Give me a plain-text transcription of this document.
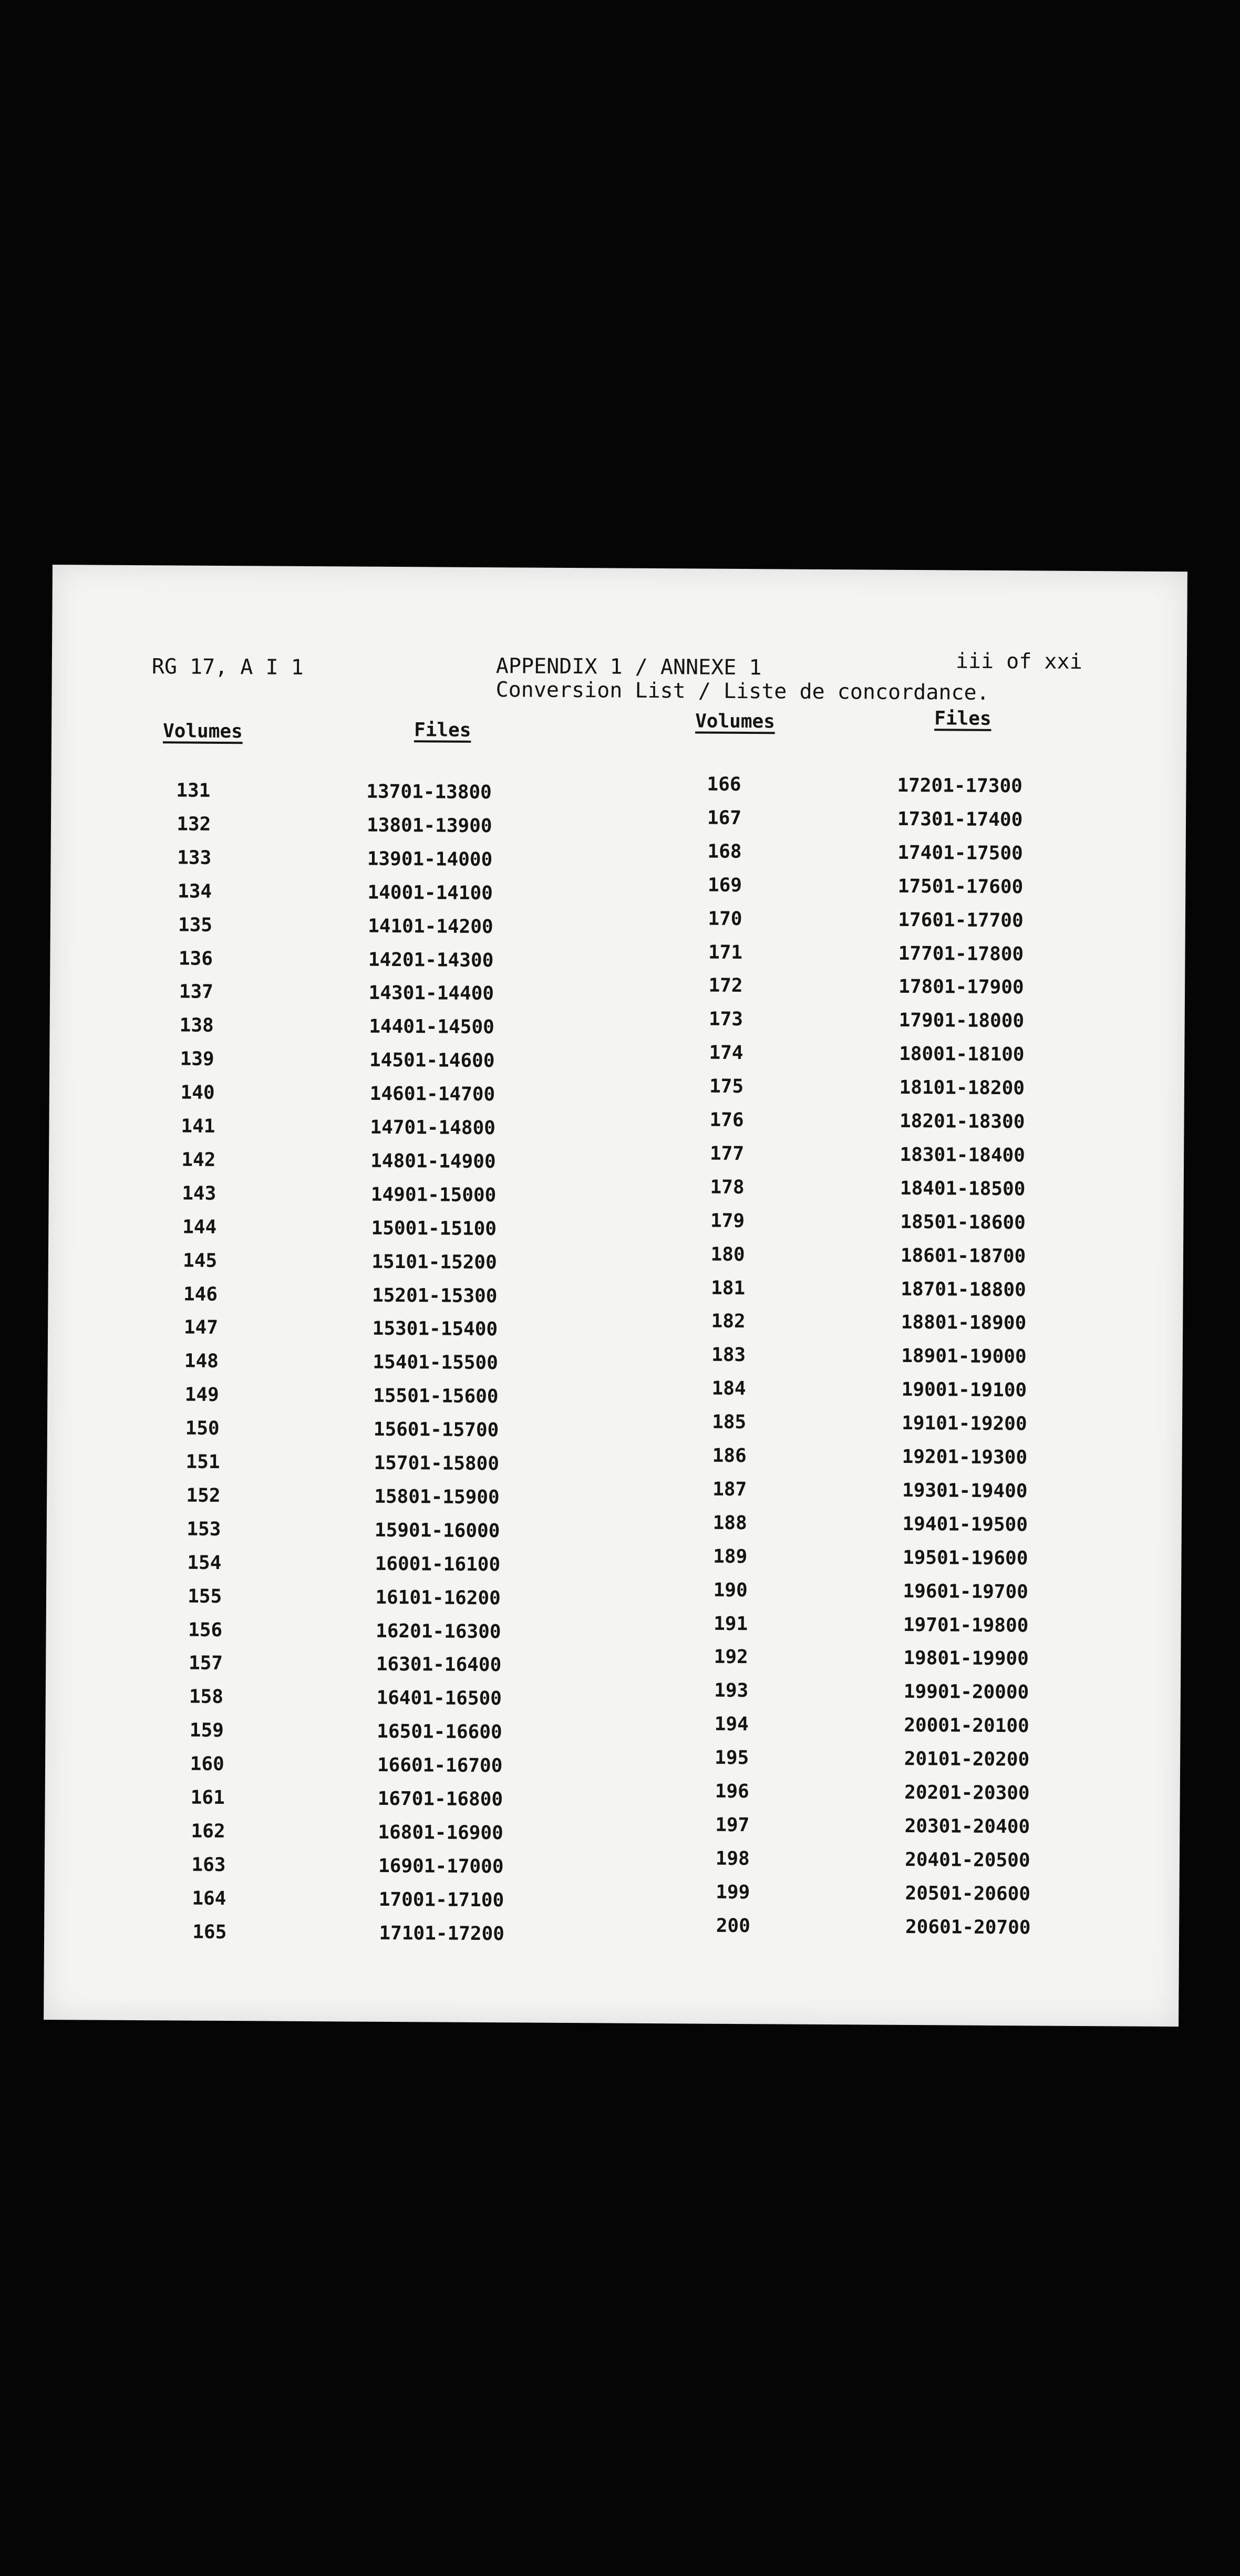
RG 17, A I 1	APPENDIX 1 / ANNEXE 1
Conversion List / Liste de concordance.
iii of xxi
Volumes	Files
131	13701-13800
132	13801-13900
133	13901-14000
134	14001-14100
135	14101-14200
136	14201-14300
137	14301-14400
138	14401-14500
139	14501-14600
140	14601-14700
141	14701-14800
142	14801-14900
143	14901-15000
144	15001-15100
145	15101-15200
146	15201-15300
147	15301-15400
148	15401-15500
149	15501-15600
150	15601-15700
151	15701-15800
152	15801-15900
153	15901-16000
154	16001-16100
155	16101-16200
156	16201-16300
157	16301-16400
158	16401-16500
159	16501-16600
160	16601-16700
161	16701-16800
162	16801-16900
163	16901-17000
164	17001-17100
165	17101-17200
Volumes	Files
166	17201-17300
167	17301-17400
168	17401-17500
169	17501-17600
170	17601-17700
171	17701-17800
172	17801-17900
173	17901-18000
174	18001-18100
175	18101-18200
176	18201-18300
177	18301-18400
178	18401-18500
179	18501-18600
180	18601-18700
181	18701-18800
182	18801-18900
183	18901-19000
184	19001-19100
185	19101-19200
186	19201-19300
187	19301-19400
188	19401-19500
189	19501-19600
190	19601-19700
191	19701-19800
192	19801-19900
193	19901-20000
194	20001-20100
195	20101-20200
196	20201-20300
197	20301-20400
198	20401-20500
199	20501-20600
200	20601-20700
